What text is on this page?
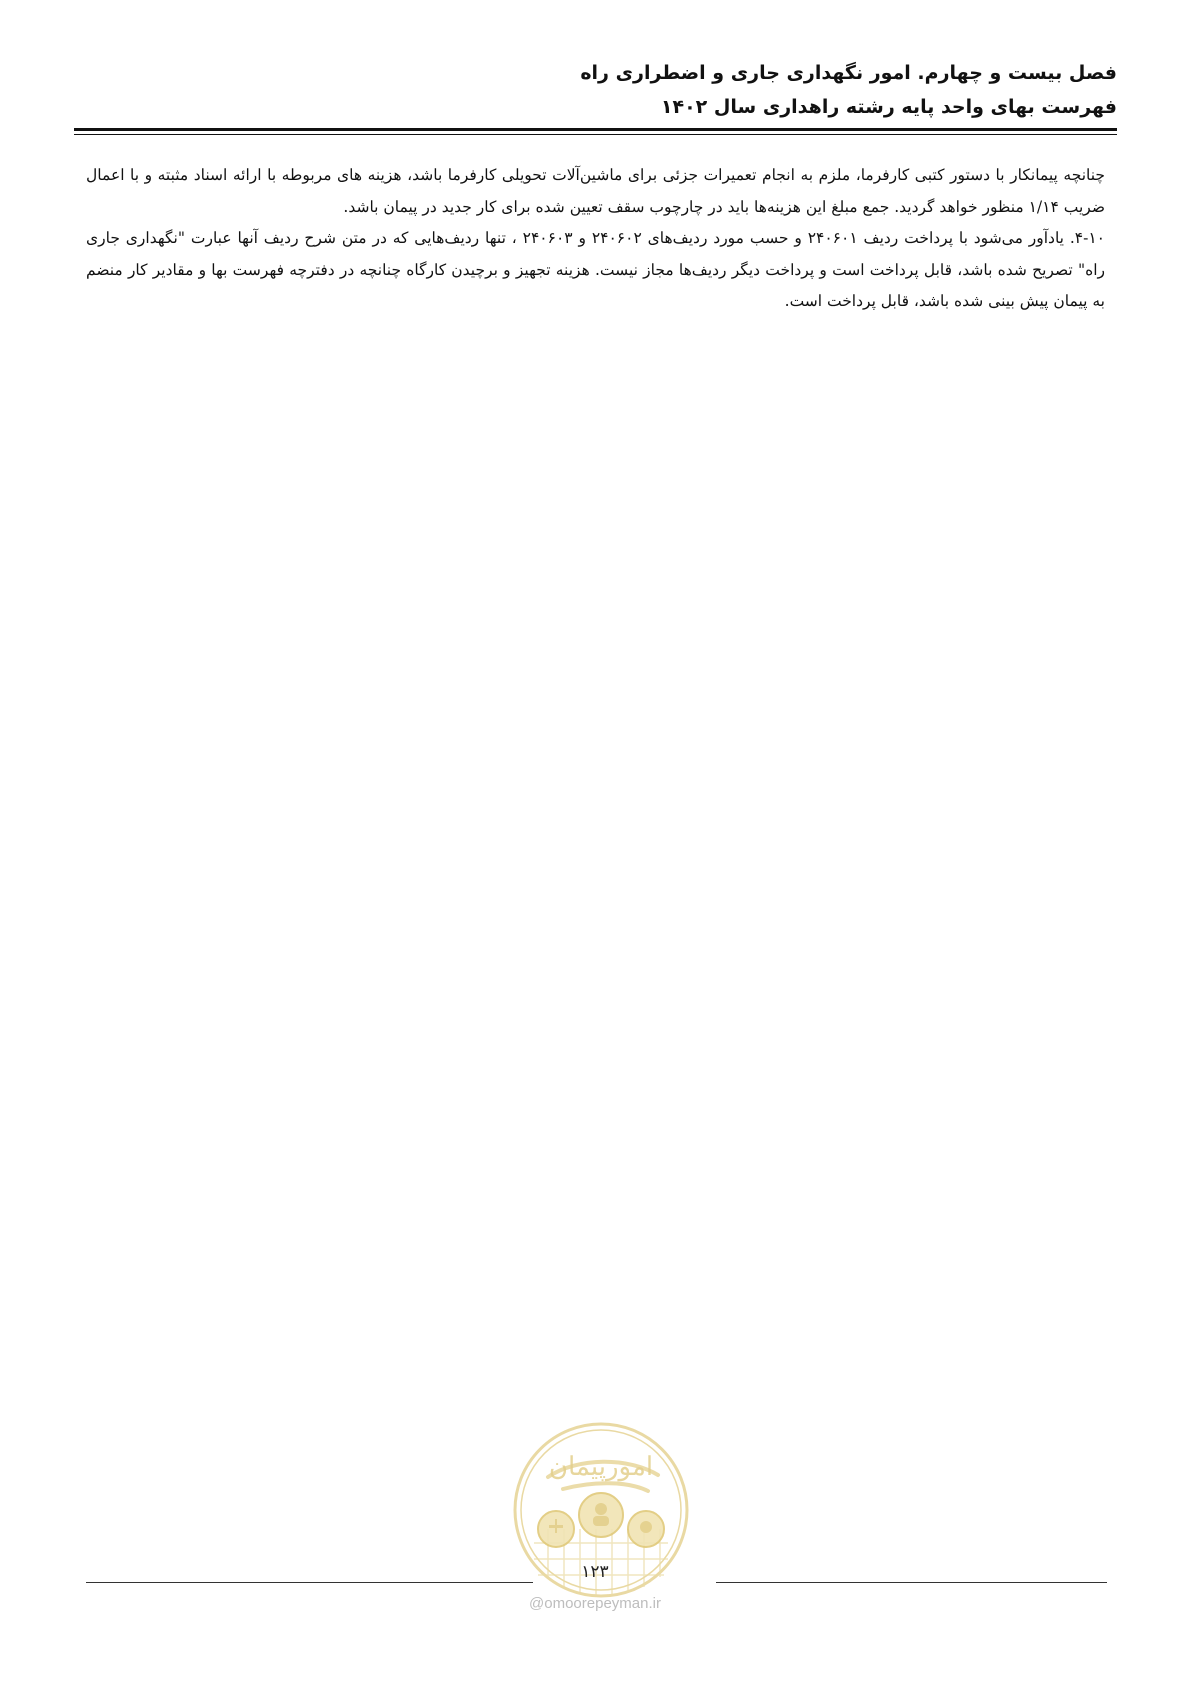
فصل بیست و چهارم. امور نگهداری جاری و اضطراری راه
فهرست بهای واحد پایه رشته راهداری سال ۱۴۰۲

چنانچه پیمانکار با دستور کتبی کارفرما، ملزم به انجام تعمیرات جزئی برای ماشین‌آلات تحویلی کارفرما باشد، هزینه های مربوطه با ارائه اسناد مثبته و با اعمال ضریب ۱/۱۴ منظور خواهد گردید. جمع مبلغ این هزینه‌ها باید در چارچوب سقف تعیین شده برای کار جدید در پیمان باشد.

۴-۱۰. یادآور می‌شود با پرداخت ردیف ۲۴۰۶۰۱ و حسب مورد ردیف‌های ۲۴۰۶۰۲ و ۲۴۰۶۰۳ ، تنها ردیف‌هایی که در متن شرح ردیف آنها عبارت "نگهداری جاری راه" تصریح شده باشد، قابل پرداخت است و پرداخت دیگر ردیف‌ها مجاز نیست. هزینه تجهیز و برچیدن کارگاه چنانچه در دفترچه فهرست بها و مقادیر کار منضم به پیمان پیش بینی شده باشد، قابل پرداخت است.

امورپیمان
۱۲۳
@omoorepeyman.ir
